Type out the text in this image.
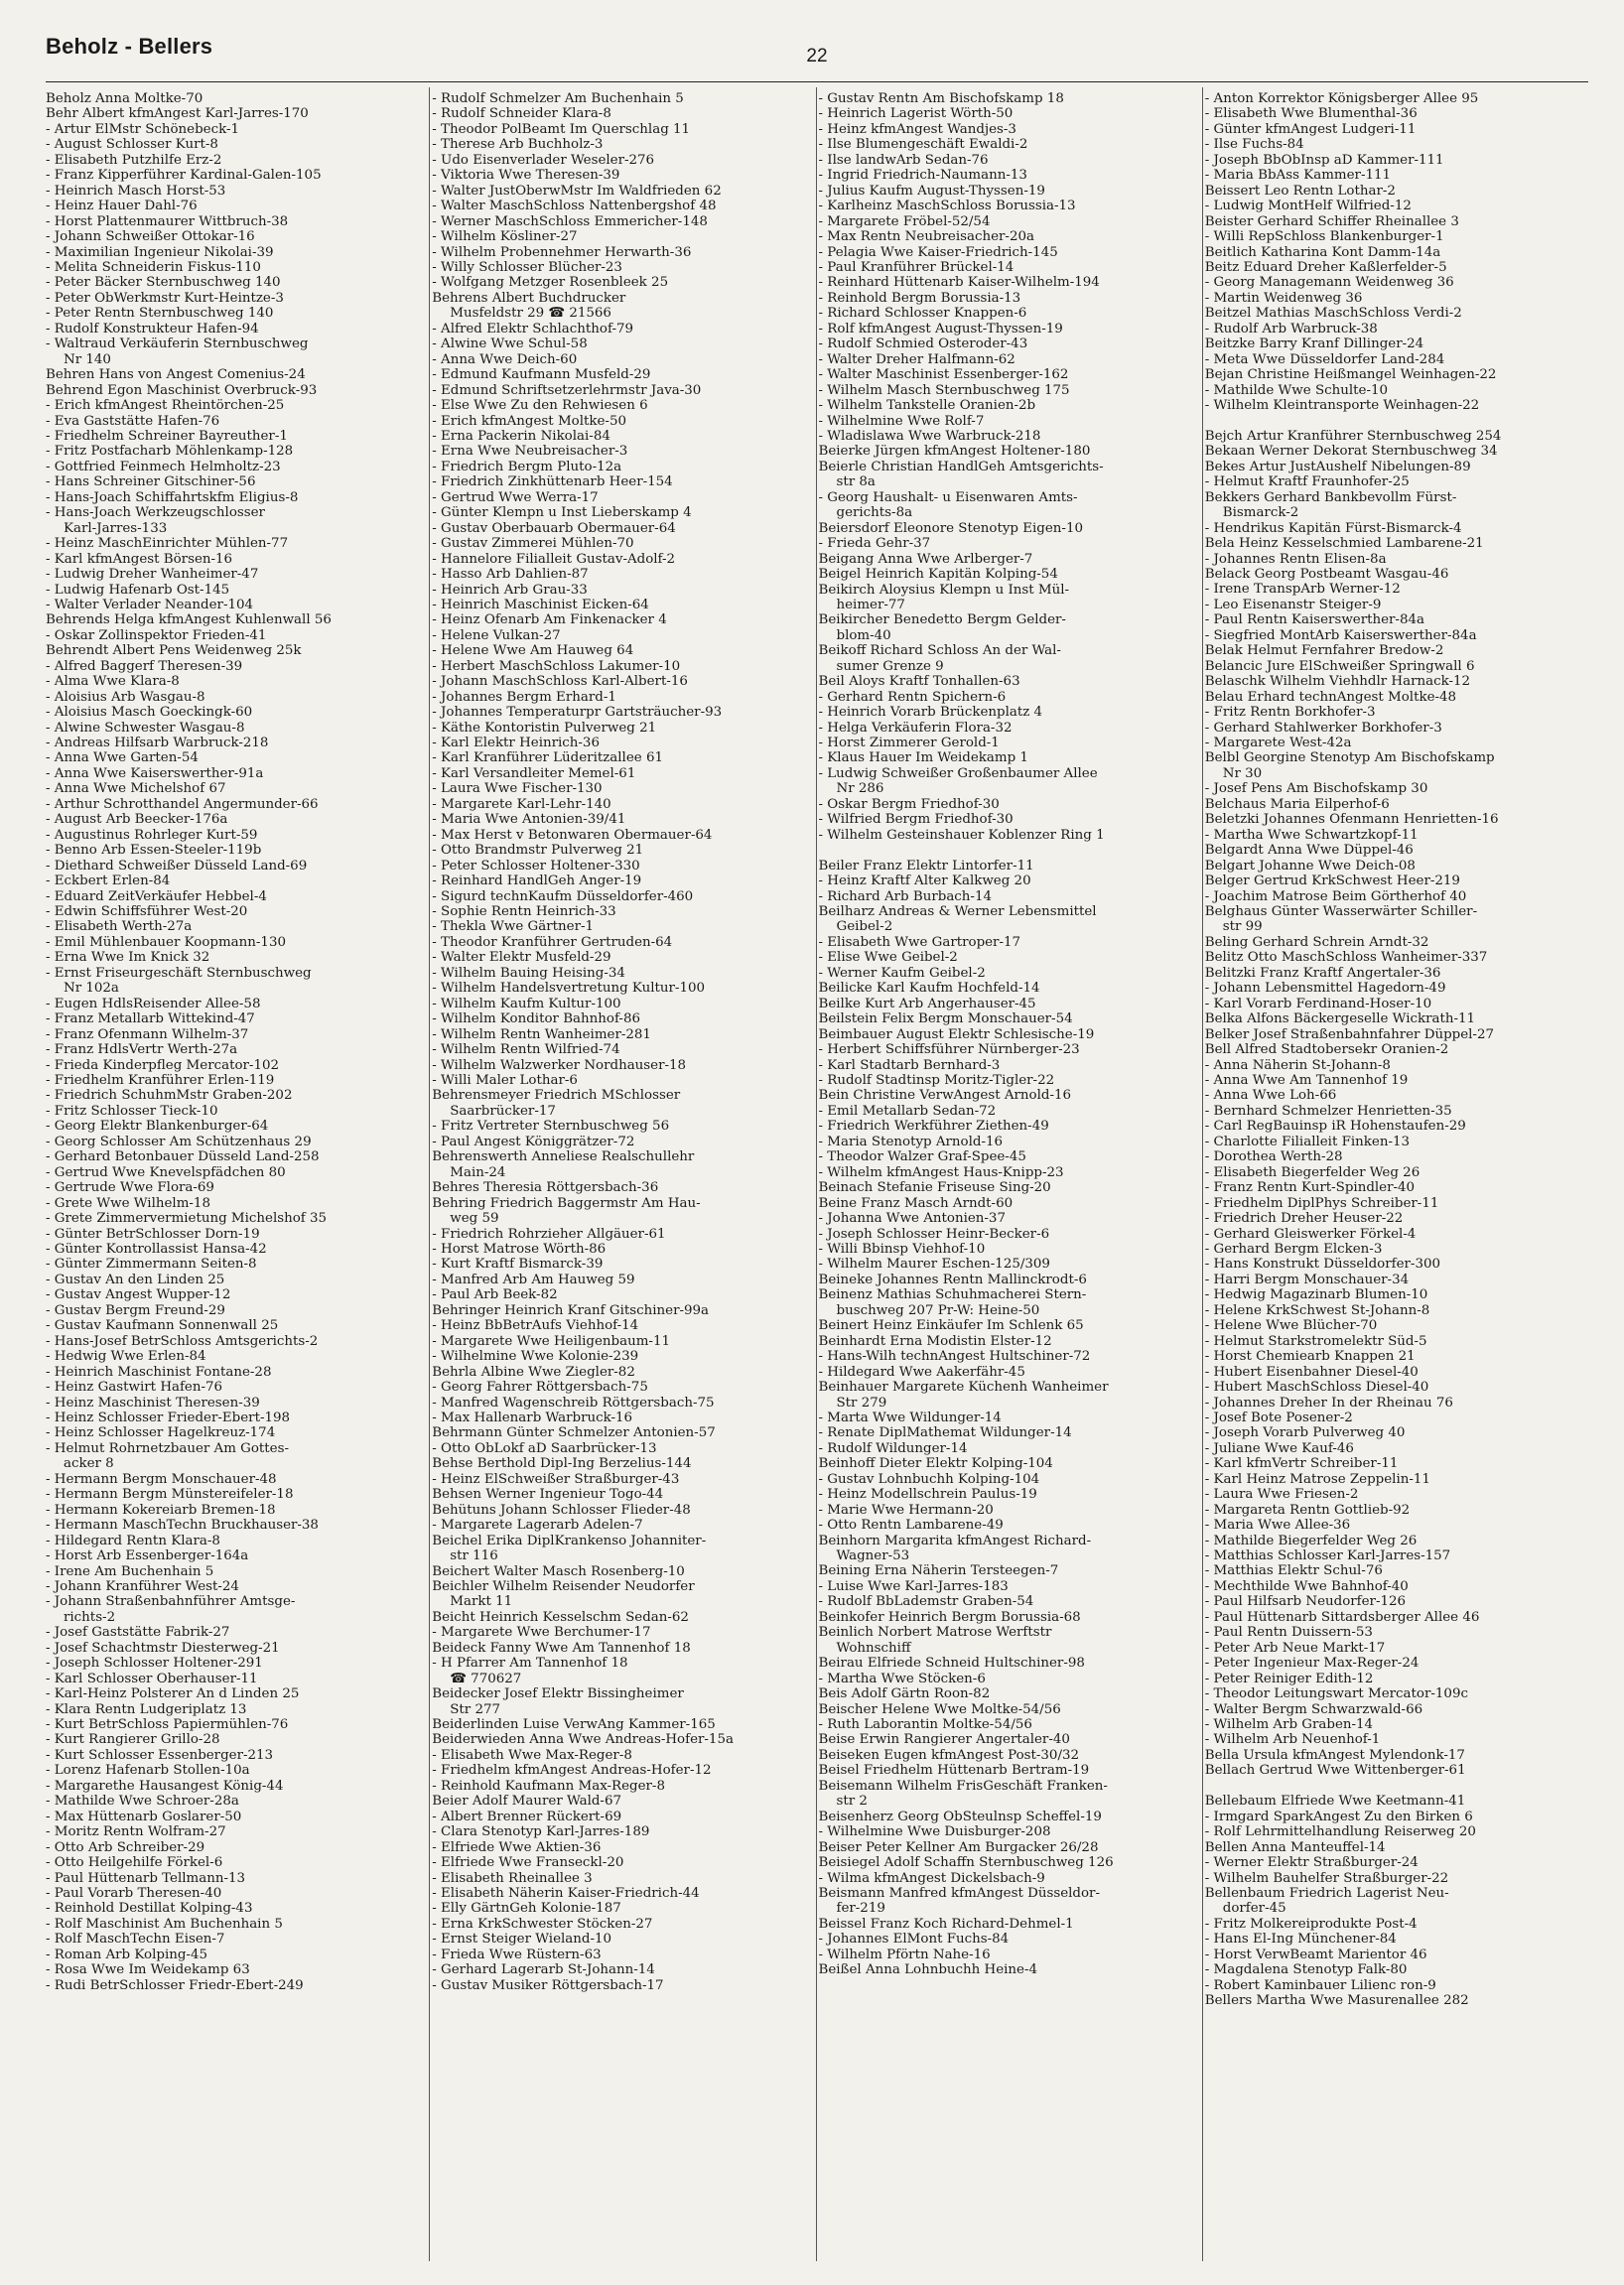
Beholz - Bellers	22
Beholz Anna Moltke-70
Behr Albert kfmAngest Karl-Jarres-170
- Artur ElMstr Schönebeck-1
- August Schlosser Kurt-8
- Elisabeth Putzhilfe Erz-2
- Franz Kipperführer Kardinal-Galen-105
- Heinrich Masch Horst-53
- Heinz Hauer Dahl-76
- Horst Plattenmaurer Wittbruch-38
- Johann Schweißer Ottokar-16
- Maximilian Ingenieur Nikolai-39
- Melita Schneiderin Fiskus-110
- Peter Bäcker Sternbuschweg 140
- Peter ObWerkmstr Kurt-Heintze-3
- Peter Rentn Sternbuschweg 140
- Rudolf Konstrukteur Hafen-94
- Waltraud Verkäuferin Sternbuschweg
Nr 140
Behren Hans von Angest Comenius-24
Behrend Egon Maschinist Overbruck-93
- Erich kfmAngest Rheintörchen-25
- Eva Gaststätte Hafen-76
- Friedhelm Schreiner Bayreuther-1
- Fritz Postfacharb Möhlenkamp-128
- Gottfried Feinmech Helmholtz-23
- Hans Schreiner Gitschiner-56
- Hans-Joach Schiffahrtskfm Eligius-8
- Hans-Joach Werkzeugschlosser
Karl-Jarres-133
- Heinz MaschEinrichter Mühlen-77
- Karl kfmAngest Börsen-16
- Ludwig Dreher Wanheimer-47
- Ludwig Hafenarb Ost-145
- Walter Verlader Neander-104
Behrends Helga kfmAngest Kuhlenwall 56
- Oskar Zollinspektor Frieden-41
Behrendt Albert Pens Weidenweg 25k
- Alfred Baggerf Theresen-39
- Alma Wwe Klara-8
- Aloisius Arb Wasgau-8
- Aloisius Masch Goeckingk-60
- Alwine Schwester Wasgau-8
- Andreas Hilfsarb Warbruck-218
- Anna Wwe Garten-54
- Anna Wwe Kaiserswerther-91a
- Anna Wwe Michelshof 67
- Arthur Schrotthandel Angermunder-66
- August Arb Beecker-176a
- Augustinus Rohrleger Kurt-59
- Benno Arb Essen-Steeler-119b
- Diethard Schweißer Düsseld Land-69
- Eckbert Erlen-84
- Eduard ZeitVerkäufer Hebbel-4
- Edwin Schiffsführer West-20
- Elisabeth Werth-27a
- Emil Mühlenbauer Koopmann-130
- Erna Wwe Im Knick 32
- Ernst Friseurgeschäft Sternbuschweg
Nr 102a
- Eugen HdlsReisender Allee-58
- Franz Metallarb Wittekind-47
- Franz Ofenmann Wilhelm-37
- Franz HdlsVertr Werth-27a
- Frieda Kinderpfleg Mercator-102
- Friedhelm Kranführer Erlen-119
- Friedrich SchuhmMstr Graben-202
- Fritz Schlosser Tieck-10
- Georg Elektr Blankenburger-64
- Georg Schlosser Am Schützenhaus 29
- Gerhard Betonbauer Düsseld Land-258
- Gertrud Wwe Knevelspfädchen 80
- Gertrude Wwe Flora-69
- Grete Wwe Wilhelm-18
- Grete Zimmervermietung Michelshof 35
- Günter BetrSchlosser Dorn-19
- Günter Kontrollassist Hansa-42
- Günter Zimmermann Seiten-8
- Gustav An den Linden 25
- Gustav Angest Wupper-12
- Gustav Bergm Freund-29
- Gustav Kaufmann Sonnenwall 25
- Hans-Josef BetrSchloss Amtsgerichts-2
- Hedwig Wwe Erlen-84
- Heinrich Maschinist Fontane-28
- Heinz Gastwirt Hafen-76
- Heinz Maschinist Theresen-39
- Heinz Schlosser Frieder-Ebert-198
- Heinz Schlosser Hagelkreuz-174
- Helmut Rohrnetzbauer Am Gottes-
acker 8
- Hermann Bergm Monschauer-48
- Hermann Bergm Münstereifeler-18
- Hermann Kokereiarb Bremen-18
- Hermann MaschTechn Bruckhauser-38
- Hildegard Rentn Klara-8
- Horst Arb Essenberger-164a
- Irene Am Buchenhain 5
- Johann Kranführer West-24
- Johann Straßenbahnführer Amtsge-
richts-2
- Josef Gaststätte Fabrik-27
- Josef Schachtmstr Diesterweg-21
- Joseph Schlosser Holtener-291
- Karl Schlosser Oberhauser-11
- Karl-Heinz Polsterer An d Linden 25
- Klara Rentn Ludgeriplatz 13
- Kurt BetrSchloss Papiermühlen-76
- Kurt Rangierer Grillo-28
- Kurt Schlosser Essenberger-213
- Lorenz Hafenarb Stollen-10a
- Margarethe Hausangest König-44
- Mathilde Wwe Schroer-28a
- Max Hüttenarb Goslarer-50
- Moritz Rentn Wolfram-27
- Otto Arb Schreiber-29
- Otto Heilgehilfe Förkel-6
- Paul Hüttenarb Tellmann-13
- Paul Vorarb Theresen-40
- Reinhold Destillat Kolping-43
- Rolf Maschinist Am Buchenhain 5
- Rolf MaschTechn Eisen-7
- Roman Arb Kolping-45
- Rosa Wwe Im Weidekamp 63
- Rudi BetrSchlosser Friedr-Ebert-249
- Rudolf Schmelzer Am Buchenhain 5
- Rudolf Schneider Klara-8
- Theodor PolBeamt Im Querschlag 11
- Therese Arb Buchholz-3
- Udo Eisenverlader Weseler-276
- Viktoria Wwe Theresen-39
- Walter JustOberwMstr Im Waldfrieden 62
- Walter MaschSchloss Nattenbergshof 48
- Werner MaschSchloss Emmericher-148
- Wilhelm Kösliner-27
- Wilhelm Probennehmer Herwarth-36
- Willy Schlosser Blücher-23
- Wolfgang Metzger Rosenbleek 25
Behrens Albert Buchdrucker
Musfeldstr 29 ☎ 21566
- Alfred Elektr Schlachthof-79
- Alwine Wwe Schul-58
- Anna Wwe Deich-60
- Edmund Kaufmann Musfeld-29
- Edmund Schriftsetzerlehrmstr Java-30
- Else Wwe Zu den Rehwiesen 6
- Erich kfmAngest Moltke-50
- Erna Packerin Nikolai-84
- Erna Wwe Neubreisacher-3
- Friedrich Bergm Pluto-12a
- Friedrich Zinkhüttenarb Heer-154
- Gertrud Wwe Werra-17
- Günter Klempn u Inst Lieberskamp 4
- Gustav Oberbauarb Obermauer-64
- Gustav Zimmerei Mühlen-70
- Hannelore Filialleit Gustav-Adolf-2
- Hasso Arb Dahlien-87
- Heinrich Arb Grau-33
- Heinrich Maschinist Eicken-64
- Heinz Ofenarb Am Finkenacker 4
- Helene Vulkan-27
- Helene Wwe Am Hauweg 64
- Herbert MaschSchloss Lakumer-10
- Johann MaschSchloss Karl-Albert-16
- Johannes Bergm Erhard-1
- Johannes Temperaturpr Gartsträucher-93
- Käthe Kontoristin Pulverweg 21
- Karl Elektr Heinrich-36
- Karl Kranführer Lüderitzallee 61
- Karl Versandleiter Memel-61
- Laura Wwe Fischer-130
- Margarete Karl-Lehr-140
- Maria Wwe Antonien-39/41
- Max Herst v Betonwaren Obermauer-64
- Otto Brandmstr Pulverweg 21
- Peter Schlosser Holtener-330
- Reinhard HandlGeh Anger-19
- Sigurd technKaufm Düsseldorfer-460
- Sophie Rentn Heinrich-33
- Thekla Wwe Gärtner-1
- Theodor Kranführer Gertruden-64
- Walter Elektr Musfeld-29
- Wilhelm Bauing Heising-34
- Wilhelm Handelsvertretung Kultur-100
- Wilhelm Kaufm Kultur-100
- Wilhelm Konditor Bahnhof-86
- Wilhelm Rentn Wanheimer-281
- Wilhelm Rentn Wilfried-74
- Wilhelm Walzwerker Nordhauser-18
- Willi Maler Lothar-6
Behrensmeyer Friedrich MSchlosser
Saarbrücker-17
- Fritz Vertreter Sternbuschweg 56
- Paul Angest Königgrätzer-72
Behrenswerth Anneliese Realschullehr
Main-24
Behres Theresia Röttgersbach-36
Behring Friedrich Baggermstr Am Hau-
weg 59
- Friedrich Rohrzieher Allgäuer-61
- Horst Matrose Wörth-86
- Kurt Kraftf Bismarck-39
- Manfred Arb Am Hauweg 59
- Paul Arb Beek-82
Behringer Heinrich Kranf Gitschiner-99a
- Heinz BbBetrAufs Viehhof-14
- Margarete Wwe Heiligenbaum-11
- Wilhelmine Wwe Kolonie-239
Behrla Albine Wwe Ziegler-82
- Georg Fahrer Röttgersbach-75
- Manfred Wagenschreib Röttgersbach-75
- Max Hallenarb Warbruck-16
Behrmann Günter Schmelzer Antonien-57
- Otto ObLokf aD Saarbrücker-13
Behse Berthold Dipl-Ing Berzelius-144
- Heinz ElSchweißer Straßburger-43
Behsen Werner Ingenieur Togo-44
Behütuns Johann Schlosser Flieder-48
- Margarete Lagerarb Adelen-7
Beichel Erika DiplKrankenso Johanniter-
str 116
Beichert Walter Masch Rosenberg-10
Beichler Wilhelm Reisender Neudorfer
Markt 11
Beicht Heinrich Kesselschm Sedan-62
- Margarete Wwe Berchumer-17
Beideck Fanny Wwe Am Tannenhof 18
- H Pfarrer Am Tannenhof 18
☎ 770627
Beidecker Josef Elektr Bissingheimer
Str 277
Beiderlinden Luise VerwAng Kammer-165
Beiderwieden Anna Wwe Andreas-Hofer-15a
- Elisabeth Wwe Max-Reger-8
- Friedhelm kfmAngest Andreas-Hofer-12
- Reinhold Kaufmann Max-Reger-8
Beier Adolf Maurer Wald-67
- Albert Brenner Rückert-69
- Clara Stenotyp Karl-Jarres-189
- Elfriede Wwe Aktien-36
- Elfriede Wwe Franseckl-20
- Elisabeth Rheinallee 3
- Elisabeth Näherin Kaiser-Friedrich-44
- Elly GärtnGeh Kolonie-187
- Erna KrkSchwester Stöcken-27
- Ernst Steiger Wieland-10
- Frieda Wwe Rüstern-63
- Gerhard Lagerarb St-Johann-14
- Gustav Musiker Röttgersbach-17
- Gustav Rentn Am Bischofskamp 18
- Heinrich Lagerist Wörth-50
- Heinz kfmAngest Wandjes-3
- Ilse Blumengeschäft Ewaldi-2
- Ilse landwArb Sedan-76
- Ingrid Friedrich-Naumann-13
- Julius Kaufm August-Thyssen-19
- Karlheinz MaschSchloss Borussia-13
- Margarete Fröbel-52/54
- Max Rentn Neubreisacher-20a
- Pelagia Wwe Kaiser-Friedrich-145
- Paul Kranführer Brückel-14
- Reinhard Hüttenarb Kaiser-Wilhelm-194
- Reinhold Bergm Borussia-13
- Richard Schlosser Knappen-6
- Rolf kfmAngest August-Thyssen-19
- Rudolf Schmied Osteroder-43
- Walter Dreher Halfmann-62
- Walter Maschinist Essenberger-162
- Wilhelm Masch Sternbuschweg 175
- Wilhelm Tankstelle Oranien-2b
- Wilhelmine Wwe Rolf-7
- Wladislawa Wwe Warbruck-218
Beierke Jürgen kfmAngest Holtener-180
Beierle Christian HandlGeh Amtsgerichts-
str 8a
- Georg Haushalt- u Eisenwaren Amts-
gerichts-8a
Beiersdorf Eleonore Stenotyp Eigen-10
- Frieda Gehr-37
Beigang Anna Wwe Arlberger-7
Beigel Heinrich Kapitän Kolping-54
Beikirch Aloysius Klempn u Inst Mül-
heimer-77
Beikircher Benedetto Bergm Gelder-
blom-40
Beikoff Richard Schloss An der Wal-
sumer Grenze 9
Beil Aloys Kraftf Tonhallen-63
- Gerhard Rentn Spichern-6
- Heinrich Vorarb Brückenplatz 4
- Helga Verkäuferin Flora-32
- Horst Zimmerer Gerold-1
- Klaus Hauer Im Weidekamp 1
- Ludwig Schweißer Großenbaumer Allee
Nr 286
- Oskar Bergm Friedhof-30
- Wilfried Bergm Friedhof-30
- Wilhelm Gesteinshauer Koblenzer Ring 1
Beiler Franz Elektr Lintorfer-11
- Heinz Kraftf Alter Kalkweg 20
- Richard Arb Burbach-14
Beilharz Andreas & Werner Lebensmittel
Geibel-2
- Elisabeth Wwe Gartroper-17
- Elise Wwe Geibel-2
- Werner Kaufm Geibel-2
Beilicke Karl Kaufm Hochfeld-14
Beilke Kurt Arb Angerhauser-45
Beilstein Felix Bergm Monschauer-54
Beimbauer August Elektr Schlesische-19
- Herbert Schiffsführer Nürnberger-23
- Karl Stadtarb Bernhard-3
- Rudolf Stadtinsp Moritz-Tigler-22
Bein Christine VerwAngest Arnold-16
- Emil Metallarb Sedan-72
- Friedrich Werkführer Ziethen-49
- Maria Stenotyp Arnold-16
- Theodor Walzer Graf-Spee-45
- Wilhelm kfmAngest Haus-Knipp-23
Beinach Stefanie Friseuse Sing-20
Beine Franz Masch Arndt-60
- Johanna Wwe Antonien-37
- Joseph Schlosser Heinr-Becker-6
- Willi Bbinsp Viehhof-10
- Wilhelm Maurer Eschen-125/309
Beineke Johannes Rentn Mallinckrodt-6
Beinenz Mathias Schuhmacherei Stern-
buschweg 207 Pr-W: Heine-50
Beinert Heinz Einkäufer Im Schlenk 65
Beinhardt Erna Modistin Elster-12
- Hans-Wilh technAngest Hultschiner-72
- Hildegard Wwe Aakerfähr-45
Beinhauer Margarete Küchenh Wanheimer
Str 279
- Marta Wwe Wildunger-14
- Renate DiplMathemat Wildunger-14
- Rudolf Wildunger-14
Beinhoff Dieter Elektr Kolping-104
- Gustav Lohnbuchh Kolping-104
- Heinz Modellschrein Paulus-19
- Marie Wwe Hermann-20
- Otto Rentn Lambarene-49
Beinhorn Margarita kfmAngest Richard-
Wagner-53
Beining Erna Näherin Tersteegen-7
- Luise Wwe Karl-Jarres-183
- Rudolf BbLademstr Graben-54
Beinkofer Heinrich Bergm Borussia-68
Beinlich Norbert Matrose Werftstr
Wohnschiff
Beirau Elfriede Schneid Hultschiner-98
- Martha Wwe Stöcken-6
Beis Adolf Gärtn Roon-82
Beischer Helene Wwe Moltke-54/56
- Ruth Laborantin Moltke-54/56
Beise Erwin Rangierer Angertaler-40
Beiseken Eugen kfmAngest Post-30/32
Beisel Friedhelm Hüttenarb Bertram-19
Beisemann Wilhelm FrisGeschäft Franken-
str 2
Beisenherz Georg ObSteulnsp Scheffel-19
- Wilhelmine Wwe Duisburger-208
Beiser Peter Kellner Am Burgacker 26/28
Beisiegel Adolf Schaffn Sternbuschweg 126
- Wilma kfmAngest Dickelsbach-9
Beismann Manfred kfmAngest Düsseldor-
fer-219
Beissel Franz Koch Richard-Dehmel-1
- Johannes ElMont Fuchs-84
- Wilhelm Pförtn Nahe-16
Beißel Anna Lohnbuchh Heine-4
- Anton Korrektor Königsberger Allee 95
- Elisabeth Wwe Blumenthal-36
- Günter kfmAngest Ludgeri-11
- Ilse Fuchs-84
- Joseph BbObInsp aD Kammer-111
- Maria BbAss Kammer-111
Beissert Leo Rentn Lothar-2
- Ludwig MontHelf Wilfried-12
Beister Gerhard Schiffer Rheinallee 3
- Willi RepSchloss Blankenburger-1
Beitlich Katharina Kont Damm-14a
Beitz Eduard Dreher Kaßlerfelder-5
- Georg Managemann Weidenweg 36
- Martin Weidenweg 36
Beitzel Mathias MaschSchloss Verdi-2
- Rudolf Arb Warbruck-38
Beitzke Barry Kranf Dillinger-24
- Meta Wwe Düsseldorfer Land-284
Bejan Christine Heißmangel Weinhagen-22
- Mathilde Wwe Schulte-10
- Wilhelm Kleintransporte Weinhagen-22
Bejch Artur Kranführer Sternbuschweg 254
Bekaan Werner Dekorat Sternbuschweg 34
Bekes Artur JustAushelf Nibelungen-89
- Helmut Kraftf Fraunhofer-25
Bekkers Gerhard Bankbevollm Fürst-
Bismarck-2
- Hendrikus Kapitän Fürst-Bismarck-4
Bela Heinz Kesselschmied Lambarene-21
- Johannes Rentn Elisen-8a
Belack Georg Postbeamt Wasgau-46
- Irene TranspArb Werner-12
- Leo Eisenanstr Steiger-9
- Paul Rentn Kaiserswerther-84a
- Siegfried MontArb Kaiserswerther-84a
Belak Helmut Fernfahrer Bredow-2
Belancic Jure ElSchweißer Springwall 6
Belaschk Wilhelm Viehhdlr Harnack-12
Belau Erhard technAngest Moltke-48
- Fritz Rentn Borkhofer-3
- Gerhard Stahlwerker Borkhofer-3
- Margarete West-42a
Belbl Georgine Stenotyp Am Bischofskamp
Nr 30
- Josef Pens Am Bischofskamp 30
Belchaus Maria Eilperhof-6
Beletzki Johannes Ofenmann Henrietten-16
- Martha Wwe Schwartzkopf-11
Belgardt Anna Wwe Düppel-46
Belgart Johanne Wwe Deich-08
Belger Gertrud KrkSchwest Heer-219
- Joachim Matrose Beim Görtherhof 40
Belghaus Günter Wasserwärter Schiller-
str 99
Beling Gerhard Schrein Arndt-32
Belitz Otto MaschSchloss Wanheimer-337
Belitzki Franz Kraftf Angertaler-36
- Johann Lebensmittel Hagedorn-49
- Karl Vorarb Ferdinand-Hoser-10
Belka Alfons Bäckergeselle Wickrath-11
Belker Josef Straßenbahnfahrer Düppel-27
Bell Alfred Stadtobersekr Oranien-2
- Anna Näherin St-Johann-8
- Anna Wwe Am Tannenhof 19
- Anna Wwe Loh-66
- Bernhard Schmelzer Henrietten-35
- Carl RegBauinsp iR Hohenstaufen-29
- Charlotte Filialleit Finken-13
- Dorothea Werth-28
- Elisabeth Biegerfelder Weg 26
- Franz Rentn Kurt-Spindler-40
- Friedhelm DiplPhys Schreiber-11
- Friedrich Dreher Heuser-22
- Gerhard Gleiswerker Förkel-4
- Gerhard Bergm Elcken-3
- Hans Konstrukt Düsseldorfer-300
- Harri Bergm Monschauer-34
- Hedwig Magazinarb Blumen-10
- Helene KrkSchwest St-Johann-8
- Helene Wwe Blücher-70
- Helmut Starkstromelektr Süd-5
- Horst Chemiearb Knappen 21
- Hubert Eisenbahner Diesel-40
- Hubert MaschSchloss Diesel-40
- Johannes Dreher In der Rheinau 76
- Josef Bote Posener-2
- Joseph Vorarb Pulverweg 40
- Juliane Wwe Kauf-46
- Karl kfmVertr Schreiber-11
- Karl Heinz Matrose Zeppelin-11
- Laura Wwe Friesen-2
- Margareta Rentn Gottlieb-92
- Maria Wwe Allee-36
- Mathilde Biegerfelder Weg 26
- Matthias Schlosser Karl-Jarres-157
- Matthias Elektr Schul-76
- Mechthilde Wwe Bahnhof-40
- Paul Hilfsarb Neudorfer-126
- Paul Hüttenarb Sittardsberger Allee 46
- Paul Rentn Duissern-53
- Peter Arb Neue Markt-17
- Peter Ingenieur Max-Reger-24
- Peter Reiniger Edith-12
- Theodor Leitungswart Mercator-109c
- Walter Bergm Schwarzwald-66
- Wilhelm Arb Graben-14
- Wilhelm Arb Neuenhof-1
Bella Ursula kfmAngest Mylendonk-17
Bellach Gertrud Wwe Wittenberger-61
Bellebaum Elfriede Wwe Keetmann-41
- Irmgard SparkAngest Zu den Birken 6
- Rolf Lehrmittelhandlung Reiserweg 20
Bellen Anna Manteuffel-14
- Werner Elektr Straßburger-24
- Wilhelm Bauhelfer Straßburger-22
Bellenbaum Friedrich Lagerist Neu-
dorfer-45
- Fritz Molkereiprodukte Post-4
- Hans El-Ing Münchener-84
- Horst VerwBeamt Marientor 46
- Magdalena Stenotyp Falk-80
- Robert Kaminbauer Lilienc ron-9
Bellers Martha Wwe Masurenallee 282
